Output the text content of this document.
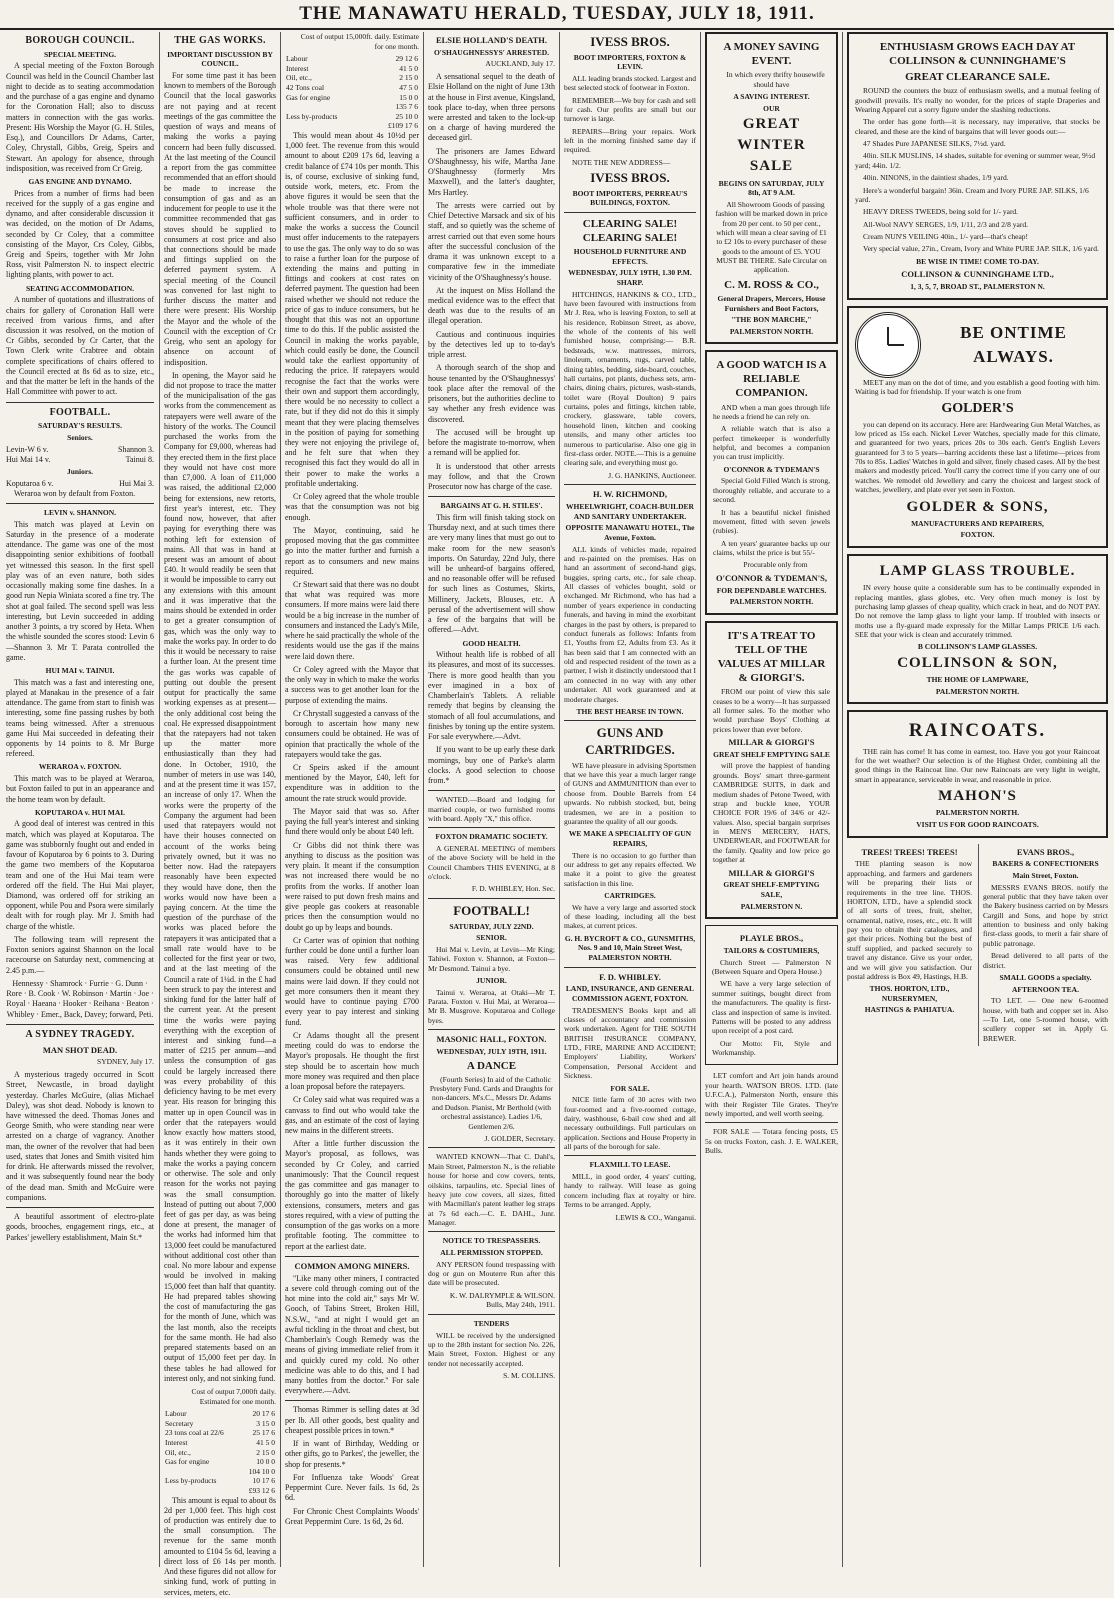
THE MANAWATU HERALD, TUESDAY, JULY 18, 1911.
BOROUGH COUNCIL.
SPECIAL MEETING.

A special meeting of the Foxton Borough Council was held in the Council Chamber last night to decide as to seating accommodation and the purchase of a gas engine and dynamo for the Coronation Hall; also to discuss matters in connection with the gas works. Present: His Worship the Mayor (G. H. Stiles, Esq.), and Councillors Dr Adams, Carter, Coley, Chrystall, Gibbs, Greig, Speirs and Stewart. An apology for absence, through indisposition, was received from Cr Greig.

GAS ENGINE AND DYNAMO.

Prices from a number of firms had been received for the supply of a gas engine and dynamo, and after considerable discussion it was decided, on the motion of Dr Adams, seconded by Cr Coley, that a committee consisting of the Mayor, Crs Coley, Gibbs, Greig and Speirs, together with Mr John Ross, visit Palmerston N. to inspect electric lighting plants, with power to act.

SEATING ACCOMMODATION.

A number of quotations and illustrations of chairs for gallery of Coronation Hall were received from various firms, and after discussion it was resolved, on the motion of Cr Gibbs, seconded by Cr Carter, that the Town Clerk write Crabtree and obtain complete specifications of chairs offered to the Council erected at 8s 6d as to size, etc., and that the matter be left in the hands of the Hall Committee with power to act.

FOOTBALL.
SATURDAY'S RESULTS.
Seniors.
Levin-W 6 v.	Shannon 3.
Hui Mai 14 v.	Tainui 8.
Juniors.
Koputaroa 6 v.	Hui Mai 3.

Weraroa won by default from Foxton.

LEVIN v. SHANNON.

This match was played at Levin on Saturday in the presence of a moderate attendance. The game was one of the most disappointing senior exhibitions of football yet witnessed this season. In the first spell play was of an even nature, both sides occasionally making some fine dashes. In a good run Nepia Winiata scored a fine try. The shot at goal failed. The second spell was less interesting, but Levin succeeded in adding another 3 points, a try scored by Heta. When the whistle sounded the scores stood: Levin 6—Shannon 3. Mr T. Parata controlled the game.

HUI MAI v. TAINUI.

This match was a fast and interesting one, played at Manakau in the presence of a fair attendance. The game from start to finish was interesting, some fine passing rushes by both teams being witnessed. After a strenuous game Hui Mai succeeded in defeating their opponents by 14 points to 8. Mr Burge refereed.

WERAROA v. FOXTON.

This match was to be played at Weraroa, but Foxton failed to put in an appearance and the home team won by default.

KOPUTAROA v. HUI MAI.

A good deal of interest was centred in this match, which was played at Koputaroa. The game was stubbornly fought out and ended in favour of Koputaroa by 6 points to 3. During the game two members of the Koputaroa team and one of the Hui Mai team were ordered off the field. The Hui Mai player, Diamond, was ordered off for striking an opponent, while Pou and Psora were similarly dealt with for rough play. Mr J. Smith had charge of the whistle.

The following team will represent the Foxton seniors against Shannon on the local racecourse on Saturday next, commencing at 2.45 p.m.—

Hennessy · Shamrock · Furrie · G. Dunn · Rore · B. Cook · W. Robinson · Martin · Joe · Royal · Haeana · Hooker · Reihana · Beaton · Whibley · Emer., Back, Davey; forward, Peti.

A SYDNEY TRAGEDY.
MAN SHOT DEAD.

SYDNEY, July 17.

A mysterious tragedy occurred in Scott Street, Newcastle, in broad daylight yesterday. Charles McGuire, (alias Michael Daley), was shot dead. Nobody is known to have witnessed the deed. Thomas Jones and George Smith, who were standing near were arrested on a charge of vagrancy. Another man, the owner of the revolver that had been used, states that Jones and Smith visited him for drink. He afterwards missed the revolver, and it was subsequently found near the body of the dead man. Smith and McGuire were companions.

A beautiful assortment of electro-plate goods, brooches, engagement rings, etc., at Parkes' jewellery establishment, Main St.*

THE GAS WORKS.
IMPORTANT DISCUSSION BY COUNCIL.

For some time past it has been known to members of the Borough Council that the local gasworks are not paying and at recent meetings of the gas committee the question of ways and means of making the works a paying concern had been fully discussed. At the last meeting of the Council a report from the gas committee recommended that an effort should be made to increase the consumption of gas and as an inducement for people to use it the committee recommended that gas stoves should be supplied to consumers at cost price and also that connections should be made and fittings supplied on the deferred payment system. A special meeting of the Council was convened for last night to further discuss the matter and there were present: His Worship the Mayor and the whole of the Council with the exception of Cr Greig, who sent an apology for absence on account of indisposition.

In opening, the Mayor said he did not propose to trace the matter of the municipalisation of the gas works from the commencement as ratepayers were well aware of the history of the works. The Council purchased the works from the Company for £9,000, whereas had they erected them in the first place they would not have cost more than £7,000. A loan of £11,000 was raised, the additional £2,000 being for extensions, new retorts, first year's interest, etc. They found now, however, that after paying for everything there was nothing left for extension of mains. All that was in hand at present was an amount of about £40. It would readily be seen that it would be impossible to carry out any extensions with this amount and it was imperative that the mains should be extended in order to get a greater consumption of gas, which was the only way to make the works pay. In order to do this it would be necessary to raise a further loan. At the present time the gas works was capable of putting out double the present output for practically the same working expenses as at present—the only additional cost being the coal. He expressed disappointment that the ratepayers had not taken up the matter more enthusiastically than they had done. In October, 1910, the number of meters in use was 140, and at the present time it was 157, an increase of only 17. When the works were the property of the Company the argument had been used that ratepayers would not have their houses connected on account of the works being privately owned, but it was no better now. Had the ratepayers reasonably have been expected they would have done, then the works would now have been a paying concern. At the time the question of the purchase of the works was placed before the ratepayers it was anticipated that a small rate would have to be collected for the first year or two, and at the last meeting of the Council a rate of 1¼d. in the £ had been struck to pay the interest and sinking fund for the latter half of the current year. At the present time the works were paying everything with the exception of interest and sinking fund—a matter of £215 per annum—and unless the consumption of gas could be largely increased there was every probability of this deficiency having to be met every year. His reason for bringing this matter up in open Council was in order that the ratepayers would know exactly how matters stood, as it was entirely in their own hands whether they were going to make the works a paying concern or otherwise. The sole and only reason for the works not paying was the small consumption. Instead of putting out about 7,000 feet of gas per day, as was being done at present, the manager of the works had informed him that 13,000 feet could be manufactured without additional cost other than coal. No more labour and expense would be involved in making 15,000 feet than half that quantity. He had prepared tables showing the cost of manufacturing the gas for the month of June, which was the last month, also the receipts for the same month. He had also prepared statements based on an output of 15,000 feet per day. In these tables he had allowed for interest only, and not sinking fund.

Cost of output 7,000ft daily. Estimated for one month.

Labour	20 17 6
Secretary	3 15 0
23 tons coal at 22/6	25 17 6
Interest	41 5 0
Oil, etc.,	2 15 0
Gas for engine	10 0 0
	104 10 0
Less by-products	10 17 6
	£93 12 6

This amount is equal to about 8s 2d per 1,000 feet. This high cost of production was entirely due to the small consumption. The revenue for the same month amounted to £104 5s 6d, leaving a direct loss of £6 14s per month. And these figures did not allow for sinking fund, work of putting in services, meters, etc.

Cost of output 15,000ft. daily. Estimate for one month.

Labour	29 12 6
Interest	41 5 0
Oil, etc.,	2 15 0
42 Tons coal	47 5 0
Gas for engine	15 0 0
	135 7 6
Less by-products	25 10 0
	£109 17 6

This would mean about 4s 10½d per 1,000 feet. The revenue from this would amount to about £209 17s 6d, leaving a credit balance of £74 10s per month. This is, of course, exclusive of sinking fund, outside work, meters, etc. From the above figures it would be seen that the whole trouble was that there were not sufficient consumers, and in order to make the works a success the Council must offer inducements to the ratepayers to use the gas. The only way to do so was to raise a further loan for the purpose of extending the mains and putting in fittings and cookers at cost rates on deferred payment. The question had been raised whether we should not reduce the price of gas to induce consumers, but he thought that this was not an opportune time to do this. If the public assisted the Council in making the works payable, which could easily be done, the Council would take the earliest opportunity of reducing the price. If ratepayers would recognise the fact that the works were their own and support them accordingly, there would be no necessity to collect a rate, but if they did not do this it simply meant that they were placing themselves in the position of paying for something they were not enjoying the privilege of, and he felt sure that when they recognised this fact they would do all in their power to make the works a profitable undertaking.

Cr Coley agreed that the whole trouble was that the consumption was not big enough.

The Mayor, continuing, said he proposed moving that the gas committee go into the matter further and furnish a report as to consumers and new mains required.

Cr Stewart said that there was no doubt that what was required was more consumers. If more mains were laid there would be a big increase in the number of consumers and instanced the Lady's Mile, where he said practically the whole of the residents would use the gas if the mains were laid down there.

Cr Coley agreed with the Mayor that the only way in which to make the works a success was to get another loan for the purpose of extending the mains.

Cr Chrystall suggested a canvass of the borough to ascertain how many new consumers could be obtained. He was of opinion that practically the whole of the ratepayers would take the gas.

Cr Speirs asked if the amount mentioned by the Mayor, £40, left for expenditure was in addition to the amount the rate struck would provide.

The Mayor said that was so. After paying the full year's interest and sinking fund there would only be about £40 left.

Cr Gibbs did not think there was anything to discuss as the position was very plain. It meant if the consumption was not increased there would be no profits from the works. If another loan were raised to put down fresh mains and give people gas cookers at reasonable prices then the consumption would no doubt go up by leaps and bounds.

Cr Carter was of opinion that nothing further could be done until a further loan was raised. Very few additional consumers could be obtained until new mains were laid down. If they could not get more consumers then it meant they would have to continue paying £700 every year to pay interest and sinking fund.

Cr Adams thought all the present meeting could do was to endorse the Mayor's proposals. He thought the first step should be to ascertain how much more money was required and then place a loan proposal before the ratepayers.

Cr Coley said what was required was a canvass to find out who would take the gas, and an estimate of the cost of laying new mains in the different streets.

After a little further discussion the Mayor's proposal, as follows, was seconded by Cr Coley, and carried unanimously: That the Council request the gas committee and gas manager to thoroughly go into the matter of likely extensions, consumers, meters and gas stores required, with a view of putting the consumption of the gas works on a more profitable footing. The committee to report at the earliest date.

COMMON AMONG MINERS.

"Like many other miners, I contracted a severe cold through coming out of the hot mine into the cold air," says Mr W. Gooch, of Tabins Street, Broken Hill, N.S.W., "and at night I would get an awful tickling in the throat and chest, but Chamberlain's Cough Remedy was the means of giving immediate relief from it and quickly cured my cold. No other medicine was able to do this, and I had many bottles from the doctor." For sale everywhere.—Advt.

Thomas Rimmer is selling dates at 3d per lb. All other goods, best quality and cheapest possible prices in town.*

If in want of Birthday, Wedding or other gifts, go to Parkes', the jeweller, the shop for presents.*

For Influenza take Woods' Great Peppermint Cure. Never fails. 1s 6d, 2s 6d.

For Chronic Chest Complaints Woods' Great Peppermint Cure. 1s 6d, 2s 6d.

ELSIE HOLLAND'S DEATH.
O'SHAUGHNESSYS' ARRESTED.

AUCKLAND, July 17.

A sensational sequel to the death of Elsie Holland on the night of June 13th at the house in First avenue, Kingsland, took place to-day, when three persons were arrested and taken to the lock-up on a charge of having murdered the deceased girl.

The prisoners are James Edward O'Shaughnessy, his wife, Martha Jane O'Shaughnessy (formerly Mrs Maxwell), and the latter's daughter, Mrs Hartley.

The arrests were carried out by Chief Detective Marsack and six of his staff, and so quietly was the scheme of arrest carried out that even some hours after the successful conclusion of the drama it was unknown except to a comparative few in the immediate vicinity of the O'Shaughnessy's house.

At the inquest on Miss Holland the medical evidence was to the effect that death was due to the results of an illegal operation.

Cautious and continuous inquiries by the detectives led up to to-day's triple arrest.

A thorough search of the shop and house tenanted by the O'Shaughnessys' took place after the removal of the prisoners, but the authorities decline to say whether any fresh evidence was discovered.

The accused will be brought up before the magistrate to-morrow, when a remand will be applied for.

It is understood that other arrests may follow, and that the Crown Prosecutor now has charge of the case.

BARGAINS AT G. H. STILES'.

This firm will finish taking stock on Thursday next, and at such times there are very many lines that must go out to make room for the new season's imports. On Saturday, 22nd July, there will be unheard-of bargains offered, and no reasonable offer will be refused for such lines as Costumes, Skirts, Millinery, Jackets, Blouses, etc. A perusal of the advertisement will show a few of the bargains that will be offered.—Advt.

GOOD HEALTH.

Without health life is robbed of all its pleasures, and most of its successes. There is more good health than you ever imagined in a box of Chamberlain's Tablets. A reliable remedy that begins by cleansing the stomach of all foul accumulations, and finishes by toning up the entire system. For sale everywhere.—Advt.

If you want to be up early these dark mornings, buy one of Parke's alarm clocks. A good selection to choose from.*

WANTED.—Board and lodging for married couple, or two furnished rooms with board. Apply "X," this office.

FOXTON DRAMATIC SOCIETY.

A GENERAL MEETING of members of the above Society will be held in the Council Chambers THIS EVENING, at 8 o'clock.

F. D. WHIBLEY, Hon. Sec.

FOOTBALL!
SATURDAY, JULY 22ND.
SENIOR.

Hui Mai v. Levin, at Levin—Mr King; Tahiwi. Foxton v. Shannon, at Foxton—Mr Desmond. Tainui a bye.

JUNIOR.

Tainui v. Weraroa, at Otaki—Mr T. Parata. Foxton v. Hui Mai, at Weraroa—Mr B. Musgrove. Koputaroa and College byes.

MASONIC HALL, FOXTON.
WEDNESDAY, JULY 19TH, 1911.
A DANCE

(Fourth Series) In aid of the Catholic Presbytery Fund. Cards and Draughts for non-dancers. M's.C., Messrs Dr. Adams and Dudson. Pianist, Mr Berthold (with orchestral assistance). Ladies 1/6, Gentlemen 2/6.

J. GOLDER, Secretary.

WANTED KNOWN—That C. Dahl's, Main Street, Palmerston N., is the reliable house for horse and cow covers, tents, oilskins, tarpaulins, etc. Special lines of heavy jute cow covers, all sizes, fitted with Macmillan's patent leather leg straps at 7s 6d each.—C. E. DAHL, Junr. Manager.

NOTICE TO TRESPASSERS.
ALL PERMISSION STOPPED.

ANY PERSON found trespassing with dog or gun on Mouterre Run after this date will be prosecuted.

K. W. DALRYMPLE & WILSON. Bulls, May 24th, 1911.

TENDERS

WILL be received by the undersigned up to the 28th instant for section No. 226, Main Street, Foxton. Highest or any tender not necessarily accepted.

S. M. COLLINS.

IVESS BROS.
BOOT IMPORTERS, FOXTON & LEVIN.

ALL leading brands stocked. Largest and best selected stock of footwear in Foxton.

REMEMBER—We buy for cash and sell for cash. Our profits are small but our turnover is large.

REPAIRS—Bring your repairs. Work left in the morning finished same day if required.

NOTE THE NEW ADDRESS—

IVESS BROS.
BOOT IMPORTERS, PERREAU'S BUILDINGS, FOXTON.
CLEARING SALE! CLEARING SALE!
HOUSEHOLD FURNITURE AND EFFECTS.
WEDNESDAY, JULY 19TH, 1.30 P.M. SHARP.

HITCHINGS, HANKINS & CO., LTD., have been favoured with instructions from Mr J. Rea, who is leaving Foxton, to sell at his residence, Robinson Street, as above, the whole of the contents of his well furnished house, comprising:— B.R. bedsteads, w.w. mattresses, mirrors, linoleum, ornaments, rugs, carved table, dining tables, bedding, side-board, couches, hall curtains, pot plants, duchess sets, arm-chairs, dining chairs, pictures, wash-stands, toilet ware (Royal Doulton) 9 pairs curtains, poles and fittings, kitchen table, crockery, glassware, table covers, household linen, kitchen and cooking utensils, and many other articles too numerous to particularise. Also one gig in first-class order. NOTE.—This is a genuine clearing sale, and everything must go.

J. G. HANKINS, Auctioneer.

H. W. RICHMOND,
WHEELWRIGHT, COACH-BUILDER AND SANITARY UNDERTAKER.
OPPOSITE MANAWATU HOTEL, The Avenue, Foxton.

ALL kinds of vehicles made, repaired and re-painted on the premises. Has on hand an assortment of second-hand gigs, buggies, spring carts, etc., for sale cheap. All classes of vehicles bought, sold or exchanged. Mr Richmond, who has had a number of years experience in conducting funerals, and having in mind the exorbitant charges in the past by others, is prepared to conduct funerals as follows: Infants from £1, Youths from £2, Adults from £3. As it has been said that I am connected with an old and respected resident of the town as a partner, I wish it distinctly understood that I am connected in no way with any other undertaker. All work guaranteed and at moderate charges.

THE BEST HEARSE IN TOWN.
GUNS AND CARTRIDGES.

WE have pleasure in advising Sportsmen that we have this year a much larger range of GUNS and AMMUNITION than ever to choose from. Double Barrels from £4 upwards. No rubbish stocked, but, being tradesmen, we are in a position to guarantee the quality of all our goods.

WE MAKE A SPECIALITY OF GUN REPAIRS,

There is no occasion to go further than our address to get any repairs effected. We make it a point to give the greatest satisfaction in this line.

CARTRIDGES.

We have a very large and assorted stock of these loading, including all the best makes, at current prices.

G. H. BYCROFT & CO., GUNSMITHS, Nos. 9 and 10, Main Street West, PALMERSTON NORTH.
F. D. WHIBLEY.
LAND, INSURANCE, AND GENERAL COMMISSION AGENT, FOXTON.

TRADESMEN'S Books kept and all classes of accountancy and commission work undertaken. Agent for THE SOUTH BRITISH INSURANCE COMPANY, LTD., FIRE, MARINE AND ACCIDENT; Employers' Liability, Workers' Compensation, Personal Accident and Sickness.

FOR SALE.

NICE little farm of 30 acres with two four-roomed and a five-roomed cottage, dairy, washhouse, 6-bail cow shed and all necessary outbuildings. Full particulars on application. Sections and House Property in all parts of the borough for sale.

FLAXMILL TO LEASE.

MILL, in good order, 4 years' cutting, handy to railway. Will lease as going concern including flax at royalty or hire. Terms to be arranged. Apply,

LEWIS & CO., Wanganui.

A MONEY SAVING EVENT.

In which every thrifty housewife should have

A SAVING INTEREST.
OUR
GREAT
WINTER
SALE
BEGINS ON SATURDAY, JULY 8th, AT 9 A.M.

All Showroom Goods of passing fashion will be marked down in price from 20 per cent. to 50 per cent., which will mean a clear saving of £1 to £2 10s to every purchaser of these goods to the amount of £5. YOU MUST BE THERE. Sale Circular on application.

C. M. ROSS & CO.,
General Drapers, Mercers, House Furnishers and Boot Factors,
"THE BON MARCHE,"
PALMERSTON NORTH.
A GOOD WATCH IS A RELIABLE COMPANION.

AND when a man goes through life he needs a friend he can rely on.

A reliable watch that is also a perfect timekeeper is wonderfully helpful, and becomes a companion you can trust implicitly.

O'CONNOR & TYDEMAN'S

Special Gold Filled Watch is strong, thoroughly reliable, and accurate to a second.

It has a beautiful nickel finished movement, fitted with seven jewels (rubies).

A ten years' guarantee backs up our claims, whilst the price is but 55/-

Procurable only from

O'CONNOR & TYDEMAN'S,
FOR DEPENDABLE WATCHES.
PALMERSTON NORTH.
IT'S A TREAT TO TELL OF THE VALUES AT MILLAR & GIORGI'S.

FROM our point of view this sale ceases to be a worry—It has surpassed all former sales. To the mother who would purchase Boys' Clothing at prices lower than ever before.

MILLAR & GIORGI'S
GREAT SHELF EMPTYING SALE

will prove the happiest of handing grounds. Boys' smart three-garment CAMBRIDGE SUITS, in dark and medium shades of Petone Tweed, with strap and buckle knee, YOUR CHOICE FOR 19/6 of 34/6 or 42/- values. Also, special bargain surprises in MEN'S MERCERY, HATS, UNDERWEAR, and FOOTWEAR for the family. Quality and low price go together at

MILLAR & GIORGI'S
GREAT SHELF-EMPTYING SALE,
PALMERSTON N.
PLAYLE BROS.,
TAILORS & COSTUMIERS,

Church Street — Palmerston N (Between Square and Opera House.)

WE have a very large selection of summer suitings, bought direct from the manufacturers. The quality is first-class and inspection of same is invited. Patterns will be posted to any address upon receipt of a post card.

Our Motto: Fit, Style and Workmanship.

LET comfort and Art join hands around your hearth. WATSON BROS. LTD. (late U.F.C.A.), Palmerston North, ensure this with their Register Tile Grates. They're newly imported, and well worth seeing.

FOR SALE — Totara fencing posts, £5 5s on trucks Foxton, cash. J. E. WALKER, Bulls.

ENTHUSIASM GROWS EACH DAY AT COLLINSON & CUNNINGHAME'S
GREAT CLEARANCE SALE.

ROUND the counters the buzz of enthusiasm swells, and a mutual feeling of goodwill prevails. It's really no wonder, for the prices of staple Draperies and Wearing Apparel cut a sorry figure under the slashing reductions.

The order has gone forth—it is necessary, nay imperative, that stocks be cleared, and these are the kind of bargains that will lever goods out:—

47 Shades Pure JAPANESE SILKS, 7½d. yard.

40in. SILK MUSLINS, 14 shades, suitable for evening or summer wear, 9½d yard; 44in. 1/2.

40in. NINONS, in the daintiest shades, 1/9 yard.

Here's a wonderful bargain! 36in. Cream and Ivory PURE JAP. SILKS, 1/6 yard.

HEAVY DRESS TWEEDS, being sold for 1/- yard.

All-Wool NAVY SERGES, 1/9, 1/11, 2/3 and 2/8 yard.

Cream NUN'S VEILING 40in., 1/- yard—that's cheap!

Very special value, 27in., Cream, Ivory and White PURE JAP. SILK, 1/6 yard.

BE WISE IN TIME! COME TO-DAY.
COLLINSON & CUNNINGHAME LTD.,
1, 3, 5, 7, BROAD ST., PALMERSTON N.
BE ONTIME
ALWAYS.

MEET any man on the dot of time, and you establish a good footing with him. Waiting is bad for friendship. If your watch is one from

GOLDER'S

you can depend on its accuracy. Here are: Hardwearing Gun Metal Watches, as low priced as 15s each. Nickel Lever Watches, specially made for this climate, and guaranteed for two years, prices 20s to 30s each. Gent's English Levers guaranteed for 3 to 5 years—barring accidents these last a lifetime—prices from 70s to 85s. Ladies' Watches in gold and silver, finely chased cases. All by the best makers and modestly priced. You'll carry the correct time if you carry one of our watches. We remodel old Jewellery and carry the choicest and largest stock of watches, jewellery, and plate ever yet seen in Foxton.

GOLDER & SONS,
MANUFACTURERS AND REPAIRERS,
FOXTON.
LAMP GLASS TROUBLE.

IN every house quite a considerable sum has to be continually expended in replacing mantles, glass globes, etc. Very often much money is lost by purchasing lamp glasses of cheap quality, which crack in heat, and do NOT PAY. Do not remove the lamp glass to light your lamp. If troubled with insects or moths use a fly-guard made expressly for the Millar Lamps PRICE 1/6 each. SEE that your wick is clean and accurately trimmed.

B COLLINSON'S LAMP GLASSES.
COLLINSON & SON,
THE HOME OF LAMPWARE,
PALMERSTON NORTH.
RAINCOATS.

THE rain has come! It has come in earnest, too. Have you got your Raincoat for the wet weather? Our selection is of the Highest Order, combining all the good things in the Raincoat line. Our new Raincoats are very light in weight, smart in appearance, serviceable in wear, and reasonable in price.

MAHON'S
PALMERSTON NORTH.
VISIT US FOR GOOD RAINCOATS.
TREES! TREES! TREES!

THE planting season is now approaching, and farmers and gardeners will be preparing their lists or requirements in the tree line. THOS. HORTON, LTD., have a splendid stock of all sorts of trees, fruit, shelter, ornamental, native, roses, etc., etc. It will pay you to obtain their catalogues, and get their prices. Nothing but the best of stuff supplied, and packed securely to travel any distance. Give us your order, and we will give you satisfaction. Our postal address is Box 49, Hastings, H.B.

THOS. HORTON, LTD., NURSERYMEN,
HASTINGS & PAHIATUA.
EVANS BROS.,
BAKERS & CONFECTIONERS
Main Street, Foxton.

MESSRS EVANS BROS. notify the general public that they have taken over the Bakery business carried on by Messrs Cargill and Sons, and hope by strict attention to business and only baking first-class goods, to merit a fair share of public patronage.

Bread delivered to all parts of the district.

SMALL GOODS a specialty.
AFTERNOON TEA.

TO LET. — One new 6-roomed house, with bath and copper set in. Also—To Let, one 5-roomed house, with scullery copper set in. Apply G. BREWER.
